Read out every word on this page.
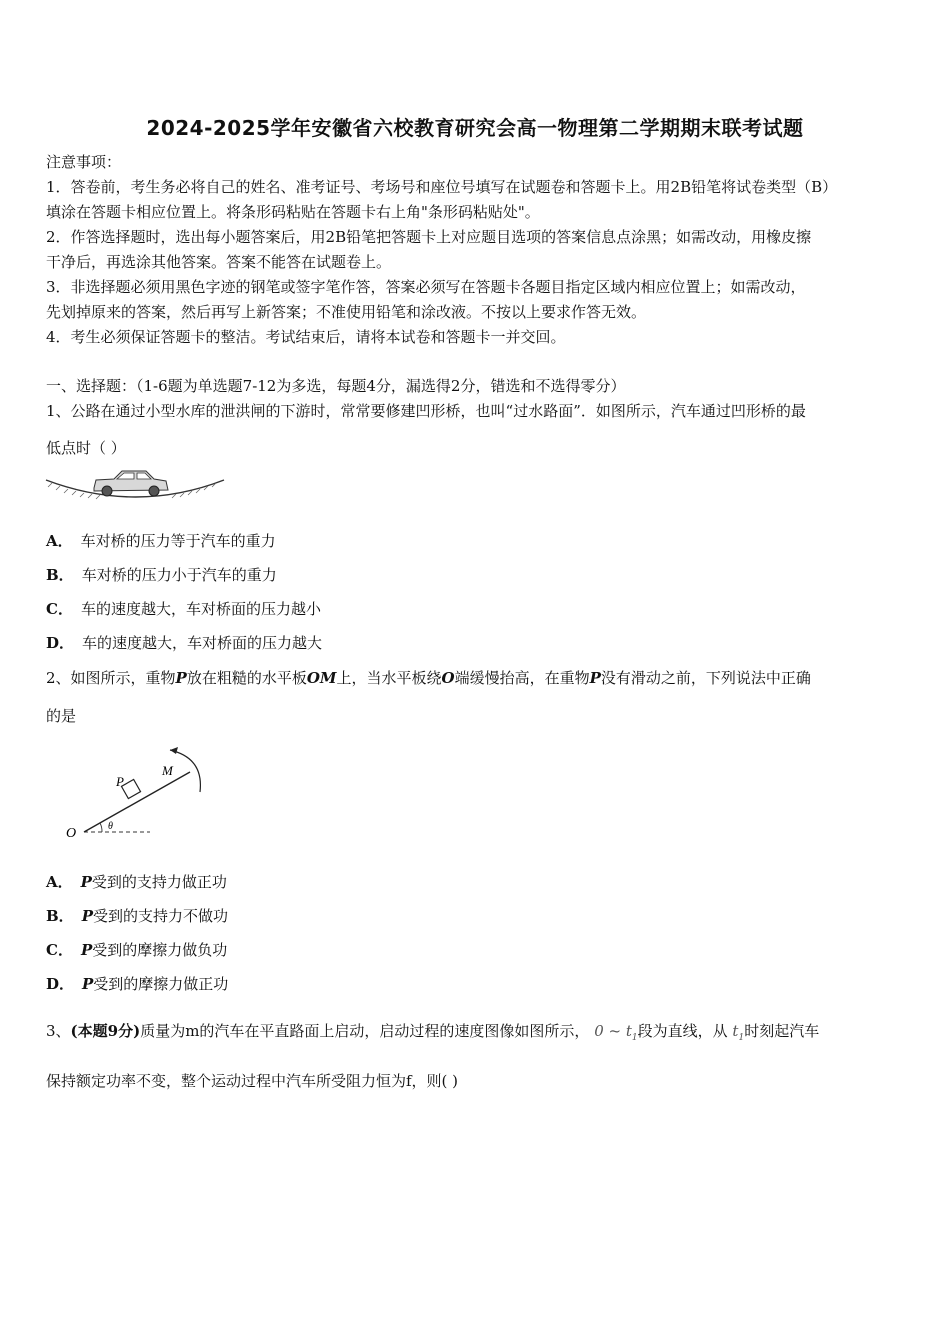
2024-2025学年安徽省六校教育研究会高一物理第二学期期末联考试题
注意事项：
1．答卷前，考生务必将自己的姓名、准考证号、考场号和座位号填写在试题卷和答题卡上。用2B铅笔将试卷类型（B）
填涂在答题卡相应位置上。将条形码粘贴在答题卡右上角"条形码粘贴处"。
2．作答选择题时，选出每小题答案后，用2B铅笔把答题卡上对应题目选项的答案信息点涂黑；如需改动，用橡皮擦
干净后，再选涂其他答案。答案不能答在试题卷上。
3．非选择题必须用黑色字迹的钢笔或签字笔作答，答案必须写在答题卡各题目指定区域内相应位置上；如需改动，
先划掉原来的答案，然后再写上新答案；不准使用铅笔和涂改液。不按以上要求作答无效。
4．考生必须保证答题卡的整洁。考试结束后，请将本试卷和答题卡一并交回。
一、选择题：（1-6题为单选题7-12为多选，每题4分，漏选得2分，错选和不选得零分）
1、公路在通过小型水库的泄洪闸的下游时，常常要修建凹形桥，也叫“过水路面”．如图所示，汽车通过凹形桥的最
低点时（ ）
A． 车对桥的压力等于汽车的重力
B． 车对桥的压力小于汽车的重力
C． 车的速度越大，车对桥面的压力越小
D． 车的速度越大，车对桥面的压力越大
2、如图所示，重物P放在粗糙的水平板OM上，当水平板绕O端缓慢抬高，在重物P没有滑动之前，下列说法中正确
的是
P
M
O	θ
A． P受到的支持力做正功
B． P受到的支持力不做功
C． P受到的摩擦力做负功
D． P受到的摩擦力做正功
3、(本题9分)质量为m的汽车在平直路面上启动，启动过程的速度图像如图所示， 0 ~ $t_1$段为直线，从 $t_1$时刻起汽车
保持额定功率不变，整个运动过程中汽车所受阻力恒为f，则( )
